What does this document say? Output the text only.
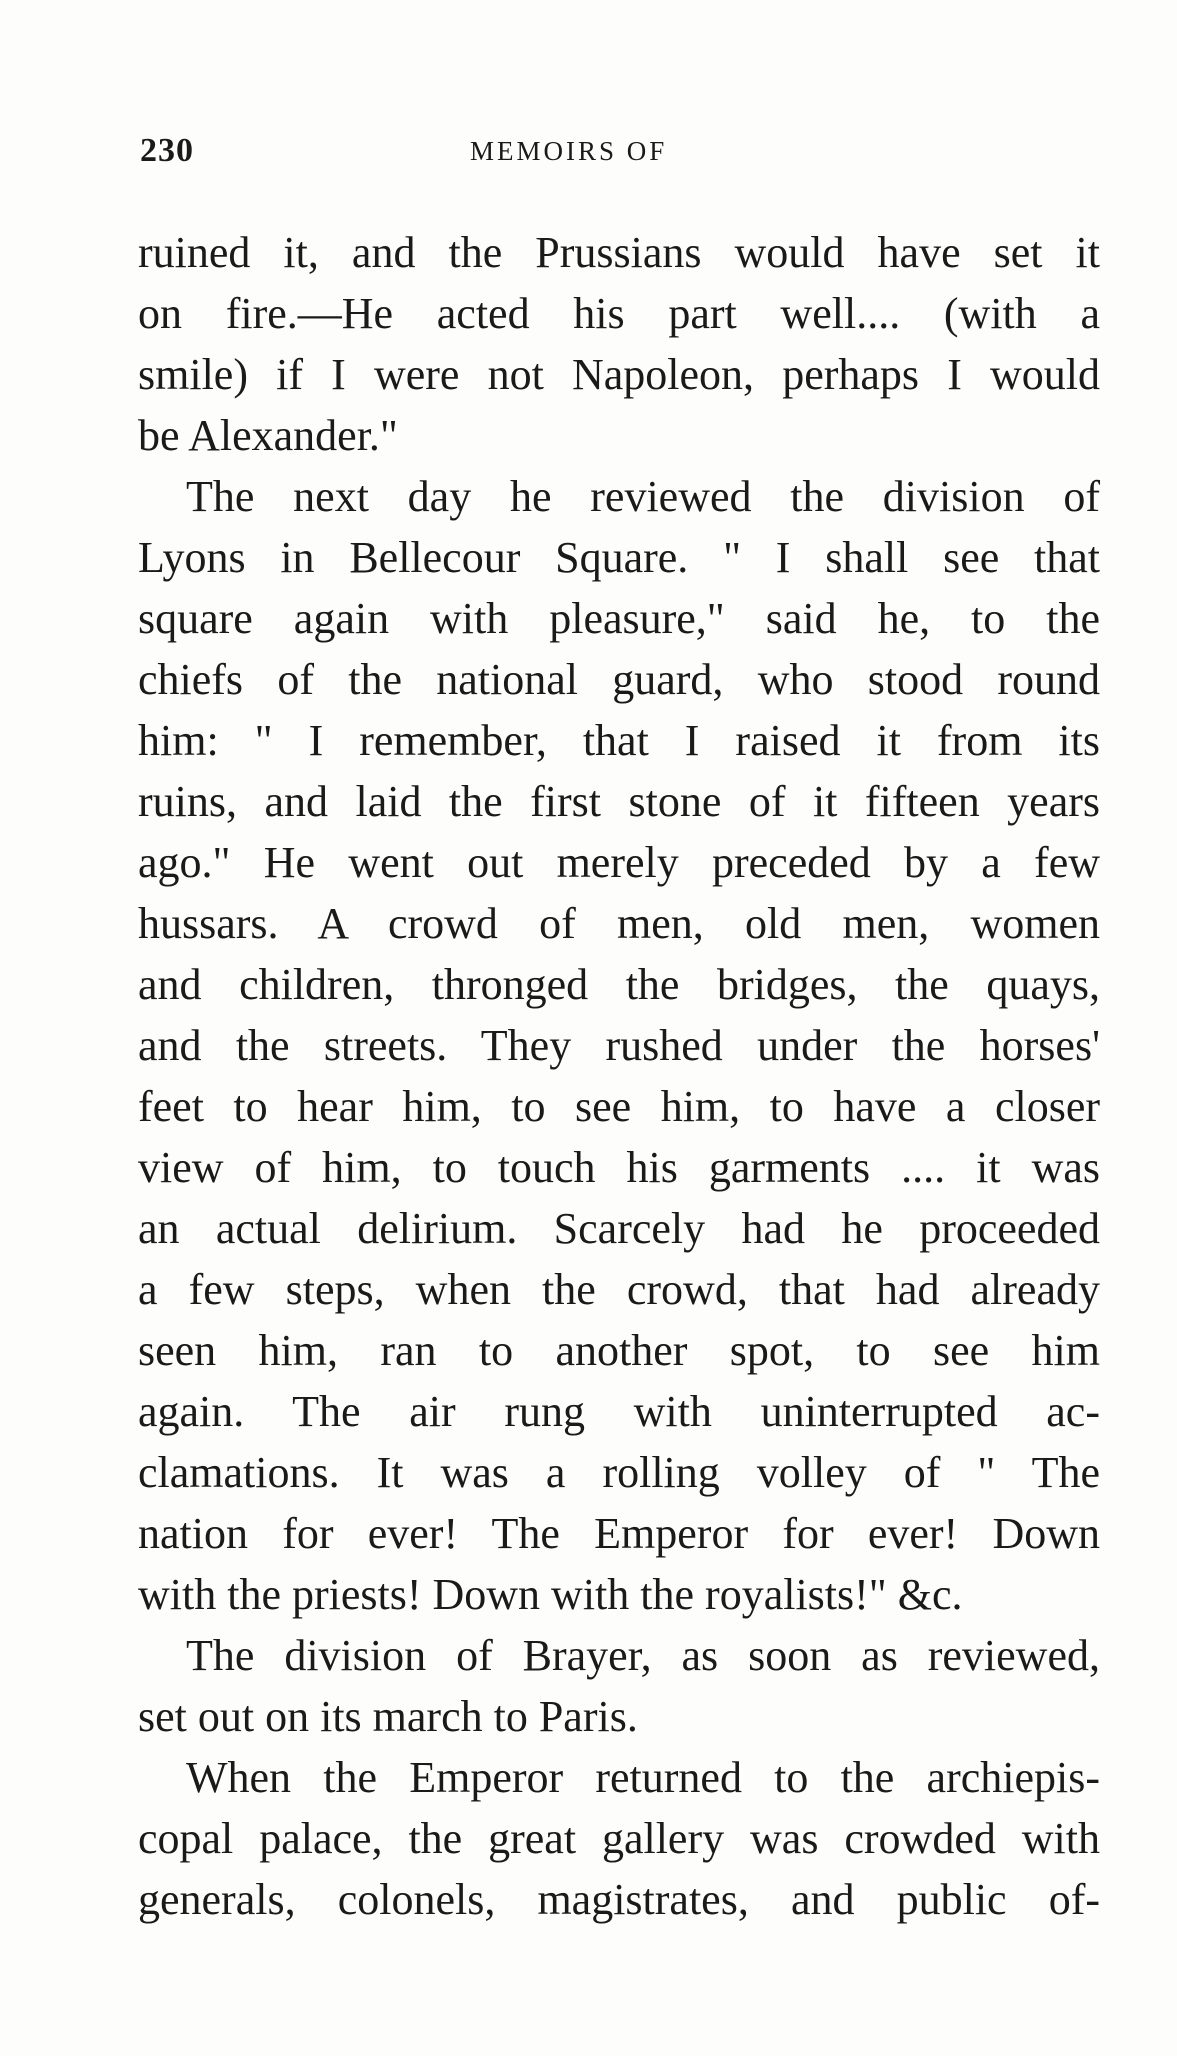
230	MEMOIRS OF
ruined it, and the Prussians would have set it
on fire.—He acted his part well.... (with a
smile) if I were not Napoleon, perhaps I would
be Alexander."
The next day he reviewed the division of
Lyons in Bellecour Square. " I shall see that
square again with pleasure," said he, to the
chiefs of the national guard, who stood round
him: " I remember, that I raised it from its
ruins, and laid the first stone of it fifteen years
ago." He went out merely preceded by a few
hussars. A crowd of men, old men, women
and children, thronged the bridges, the quays,
and the streets. They rushed under the horses'
feet to hear him, to see him, to have a closer
view of him, to touch his garments .... it was
an actual delirium. Scarcely had he proceeded
a few steps, when the crowd, that had already
seen him, ran to another spot, to see him
again. The air rung with uninterrupted ac-
clamations. It was a rolling volley of " The
nation for ever! The Emperor for ever! Down
with the priests! Down with the royalists!" &c.
The division of Brayer, as soon as reviewed,
set out on its march to Paris.
When the Emperor returned to the archiepis-
copal palace, the great gallery was crowded with
generals, colonels, magistrates, and public of-
